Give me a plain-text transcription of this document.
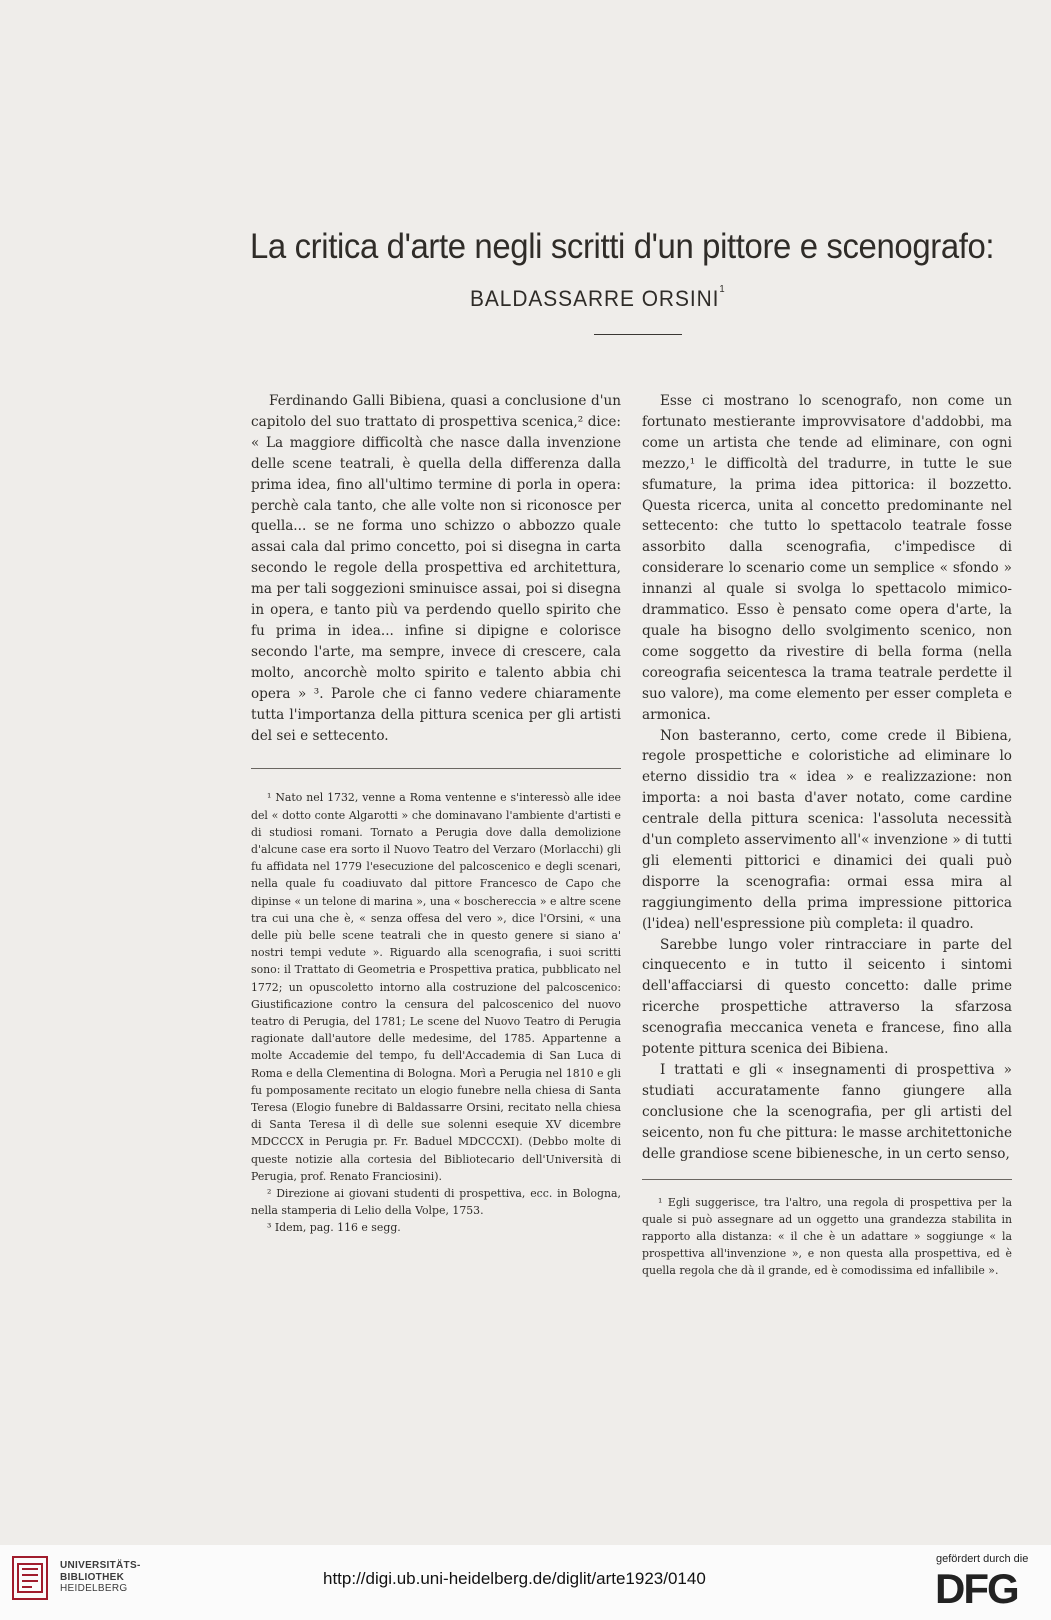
La critica d'arte negli scritti d'un pittore e scenografo:
BALDASSARRE ORSINI$^1$

Ferdinando Galli Bibiena, quasi a conclusione d'un capitolo del suo trattato di prospettiva scenica,² dice: « La maggiore difficoltà che nasce dalla invenzione delle scene teatrali, è quella della differenza dalla prima idea, fino all'ultimo termine di porla in opera: perchè cala tanto, che alle volte non si riconosce per quella... se ne forma uno schizzo o abbozzo quale assai cala dal primo concetto, poi si disegna in carta secondo le regole della prospettiva ed architettura, ma per tali soggezioni sminuisce assai, poi si disegna in opera, e tanto più va perdendo quello spirito che fu prima in idea... infine si dipigne e colorisce secondo l'arte, ma sempre, invece di crescere, cala molto, ancorchè molto spirito e talento abbia chi opera » ³. Parole che ci fanno vedere chiaramente tutta l'importanza della pittura scenica per gli artisti del sei e settecento.

¹ Nato nel 1732, venne a Roma ventenne e s'interessò alle idee del « dotto conte Algarotti » che dominavano l'ambiente d'artisti e di studiosi romani. Tornato a Perugia dove dalla demolizione d'alcune case era sorto il Nuovo Teatro del Verzaro (Morlacchi) gli fu affidata nel 1779 l'esecuzione del palcoscenico e degli scenari, nella quale fu coadiuvato dal pittore Francesco de Capo che dipinse « un telone di marina », una « boschereccia » e altre scene tra cui una che è, « senza offesa del vero », dice l'Orsini, « una delle più belle scene teatrali che in questo genere si siano a' nostri tempi vedute ». Riguardo alla scenografia, i suoi scritti sono: il Trattato di Geometria e Prospettiva pratica, pubblicato nel 1772; un opuscoletto intorno alla costruzione del palcoscenico: Giustificazione contro la censura del palcoscenico del nuovo teatro di Perugia, del 1781; Le scene del Nuovo Teatro di Perugia ragionate dall'autore delle medesime, del 1785. Appartenne a molte Accademie del tempo, fu dell'Accademia di San Luca di Roma e della Clementina di Bologna. Morì a Perugia nel 1810 e gli fu pomposamente recitato un elogio funebre nella chiesa di Santa Teresa (Elogio funebre di Baldassarre Orsini, recitato nella chiesa di Santa Teresa il dì delle sue solenni esequie XV dicembre MDCCCX in Perugia pr. Fr. Baduel MDCCCXI). (Debbo molte di queste notizie alla cortesia del Bibliotecario dell'Università di Perugia, prof. Renato Franciosini).

² Direzione ai giovani studenti di prospettiva, ecc. in Bologna, nella stamperia di Lelio della Volpe, 1753.

³ Idem, pag. 116 e segg.

Esse ci mostrano lo scenografo, non come un fortunato mestierante improvvisatore d'addobbi, ma come un artista che tende ad eliminare, con ogni mezzo,¹ le difficoltà del tradurre, in tutte le sue sfumature, la prima idea pittorica: il bozzetto. Questa ricerca, unita al concetto predominante nel settecento: che tutto lo spettacolo teatrale fosse assorbito dalla scenografia, c'impedisce di considerare lo scenario come un semplice « sfondo » innanzi al quale si svolga lo spettacolo mimico-drammatico. Esso è pensato come opera d'arte, la quale ha bisogno dello svolgimento scenico, non come soggetto da rivestire di bella forma (nella coreografia seicentesca la trama teatrale perdette il suo valore), ma come elemento per esser completa e armonica.

Non basteranno, certo, come crede il Bibiena, regole prospettiche e coloristiche ad eliminare lo eterno dissidio tra « idea » e realizzazione: non importa: a noi basta d'aver notato, come cardine centrale della pittura scenica: l'assoluta necessità d'un completo asservimento all'« invenzione » di tutti gli elementi pittorici e dinamici dei quali può disporre la scenografia: ormai essa mira al raggiungimento della prima impressione pittorica (l'idea) nell'espressione più completa: il quadro.

Sarebbe lungo voler rintracciare in parte del cinquecento e in tutto il seicento i sintomi dell'affacciarsi di questo concetto: dalle prime ricerche prospettiche attraverso la sfarzosa scenografia meccanica veneta e francese, fino alla potente pittura scenica dei Bibiena.

I trattati e gli « insegnamenti di prospettiva » studiati accuratamente fanno giungere alla conclusione che la scenografia, per gli artisti del seicento, non fu che pittura: le masse architettoniche delle grandiose scene bibienesche, in un certo senso,

¹ Egli suggerisce, tra l'altro, una regola di prospettiva per la quale si può assegnare ad un oggetto una grandezza stabilita in rapporto alla distanza: « il che è un adattare » soggiunge « la prospettiva all'invenzione », e non questa alla prospettiva, ed è quella regola che dà il grande, ed è comodissima ed infallibile ».

UNIVERSITÄTS-
BIBLIOTHEK
HEIDELBERG
http://digi.ub.uni-heidelberg.de/diglit/arte1923/0140
gefördert durch die
DFG
